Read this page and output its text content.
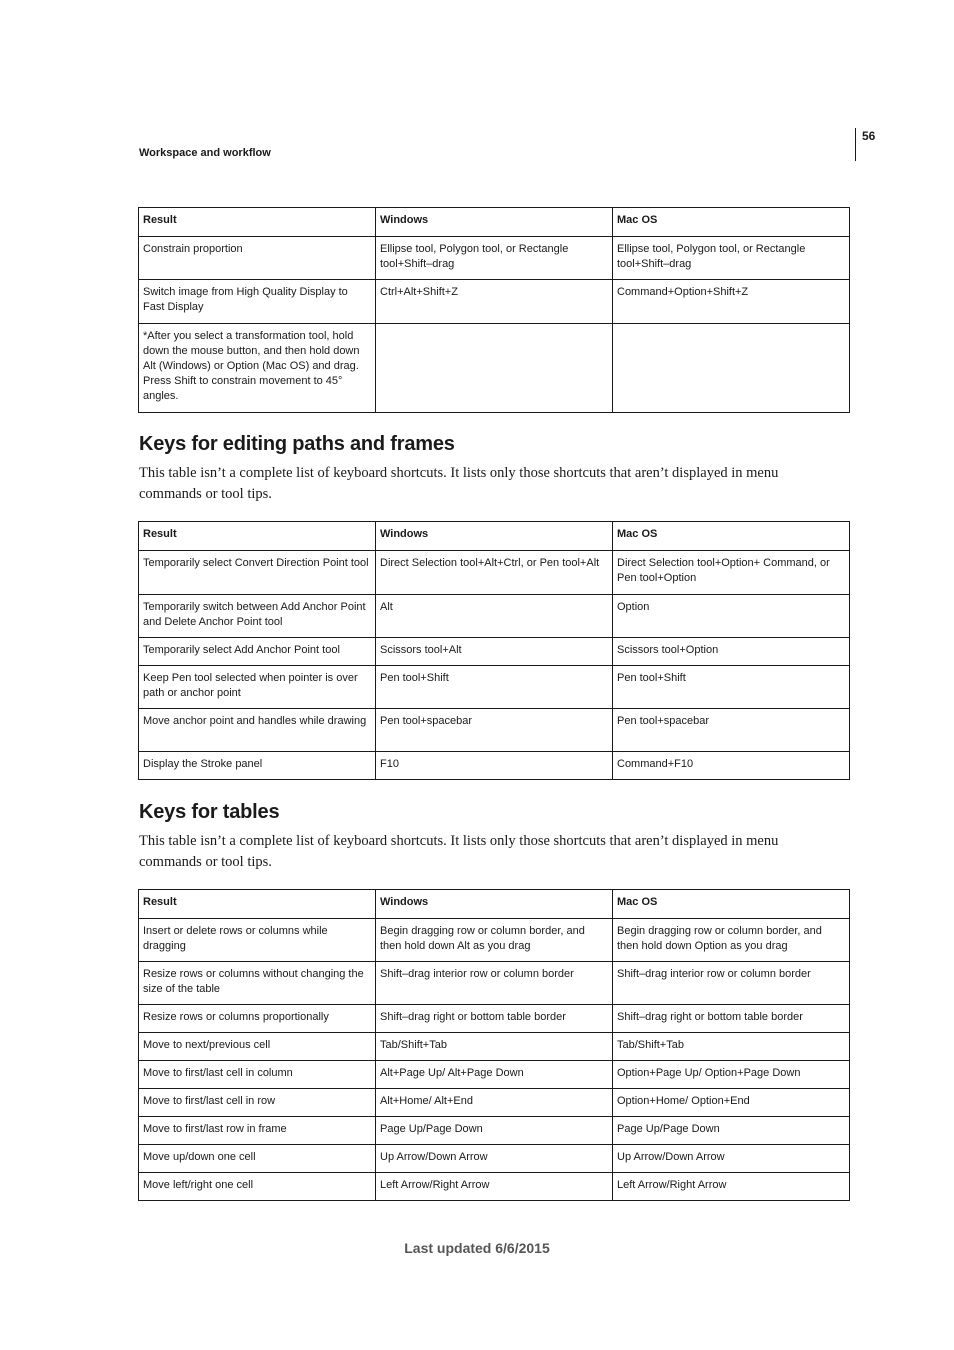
56
Workspace and workflow
Result	Windows	Mac OS
Constrain proportion	Ellipse tool, Polygon tool, or Rectangle tool+Shift–drag	Ellipse tool, Polygon tool, or Rectangle tool+Shift–drag
Switch image from High Quality Display to Fast Display	Ctrl+Alt+Shift+Z	Command+Option+Shift+Z
*After you select a transformation tool, hold down the mouse button, and then hold down Alt (Windows) or Option (Mac OS) and drag. Press Shift to constrain movement to 45° angles.		
Keys for editing paths and frames

This table isn’t a complete list of keyboard shortcuts. It lists only those shortcuts that aren’t displayed in menu commands or tool tips.

Result	Windows	Mac OS
Temporarily select Convert Direction Point tool	Direct Selection tool+Alt+Ctrl, or Pen tool+Alt	Direct Selection tool+Option+ Command, or Pen tool+Option
Temporarily switch between Add Anchor Point and Delete Anchor Point tool	Alt	Option
Temporarily select Add Anchor Point tool	Scissors tool+Alt	Scissors tool+Option
Keep Pen tool selected when pointer is over path or anchor point	Pen tool+Shift	Pen tool+Shift
Move anchor point and handles while drawing	Pen tool+spacebar	Pen tool+spacebar
Display the Stroke panel	F10	Command+F10
Keys for tables

This table isn’t a complete list of keyboard shortcuts. It lists only those shortcuts that aren’t displayed in menu commands or tool tips.

Result	Windows	Mac OS
Insert or delete rows or columns while dragging	Begin dragging row or column border, and then hold down Alt as you drag	Begin dragging row or column border, and then hold down Option as you drag
Resize rows or columns without changing the size of the table	Shift–drag interior row or column border	Shift–drag interior row or column border
Resize rows or columns proportionally	Shift–drag right or bottom table border	Shift–drag right or bottom table border
Move to next/previous cell	Tab/Shift+Tab	Tab/Shift+Tab
Move to first/last cell in column	Alt+Page Up/ Alt+Page Down	Option+Page Up/ Option+Page Down
Move to first/last cell in row	Alt+Home/ Alt+End	Option+Home/ Option+End
Move to first/last row in frame	Page Up/Page Down	Page Up/Page Down
Move up/down one cell	Up Arrow/Down Arrow	Up Arrow/Down Arrow
Move left/right one cell	Left Arrow/Right Arrow	Left Arrow/Right Arrow
Last updated 6/6/2015
